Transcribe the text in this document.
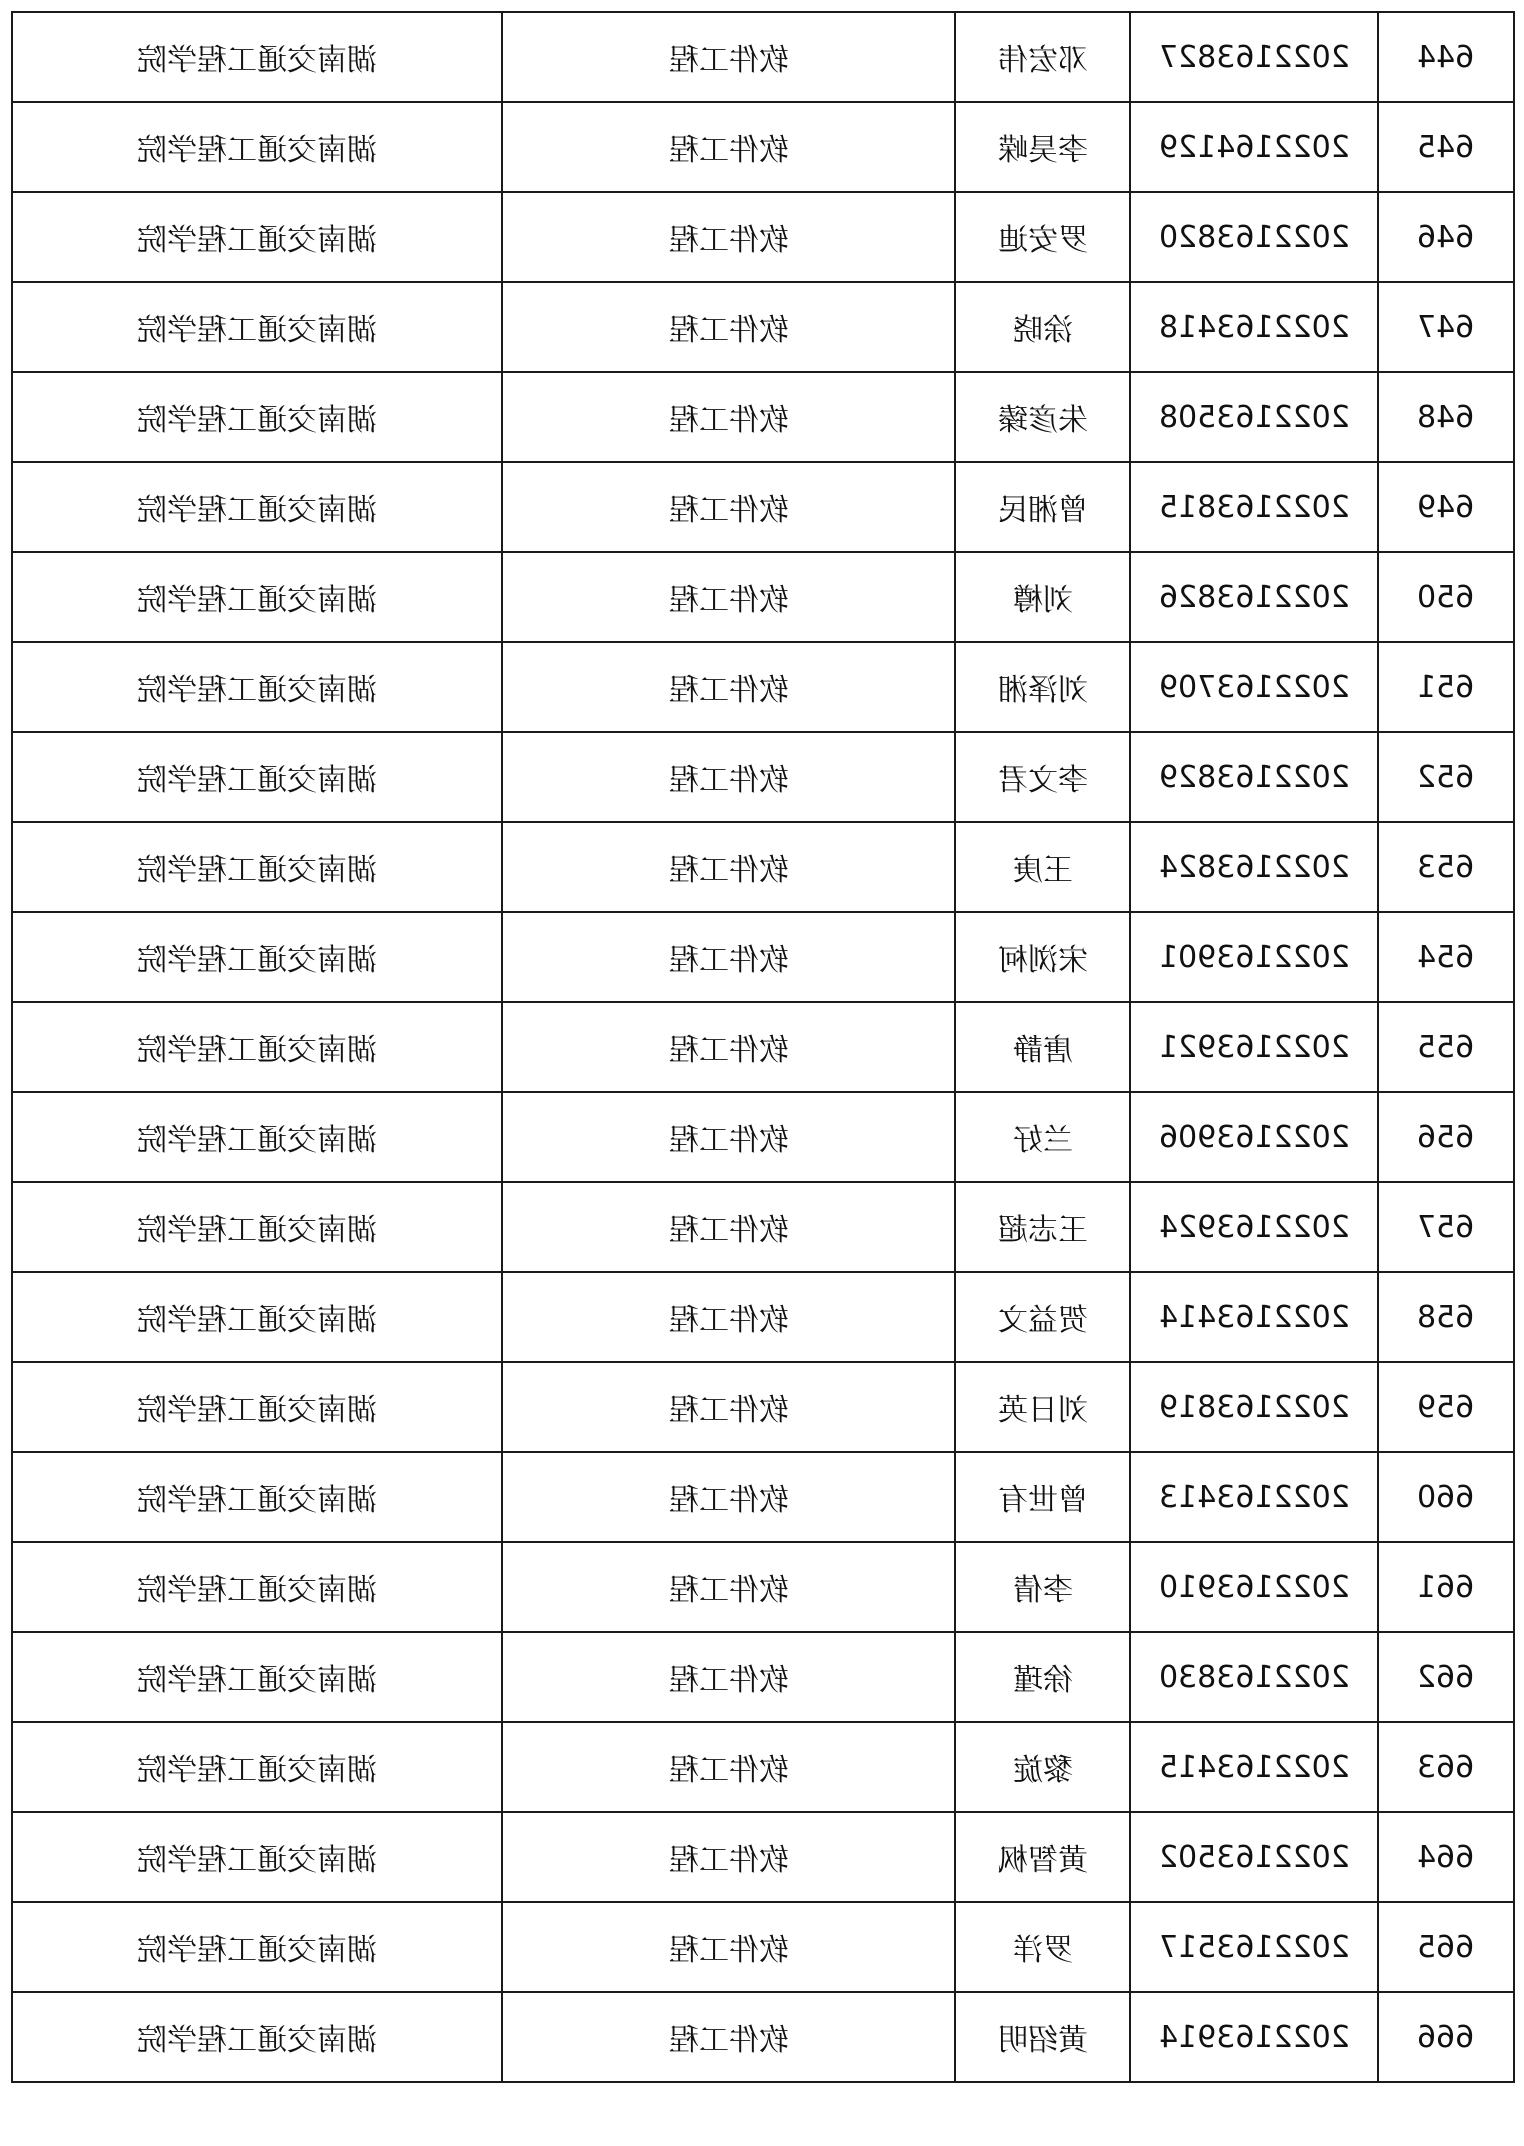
湖南交通工程学院	软件工程	邓宏伟	2022163827	644
湖南交通工程学院	软件工程	李昊嵘	2022164129	645
湖南交通工程学院	软件工程	罗安迪	2022163820	646
湖南交通工程学院	软件工程	涂晓	2022163418	647
湖南交通工程学院	软件工程	朱彦臻	2022163508	648
湖南交通工程学院	软件工程	曾湘民	2022163815	649
湖南交通工程学院	软件工程	刘樽	2022163826	650
湖南交通工程学院	软件工程	刘泽湘	2022163709	651
湖南交通工程学院	软件工程	李文君	2022163829	652
湖南交通工程学院	软件工程	王庚	2022163824	653
湖南交通工程学院	软件工程	宋浏柯	2022163901	654
湖南交通工程学院	软件工程	唐静	2022163921	655
湖南交通工程学院	软件工程	兰好	2022163906	656
湖南交通工程学院	软件工程	王志超	2022163924	657
湖南交通工程学院	软件工程	贺益文	2022163414	658
湖南交通工程学院	软件工程	刘日英	2022163819	659
湖南交通工程学院	软件工程	曾世有	2022163413	660
湖南交通工程学院	软件工程	李倩	2022163910	661
湖南交通工程学院	软件工程	徐瑾	2022163830	662
湖南交通工程学院	软件工程	黎旋	2022163415	663
湖南交通工程学院	软件工程	黄智枫	2022163502	664
湖南交通工程学院	软件工程	罗洋	2022163517	665
湖南交通工程学院	软件工程	黄绍明	2022163914	666
